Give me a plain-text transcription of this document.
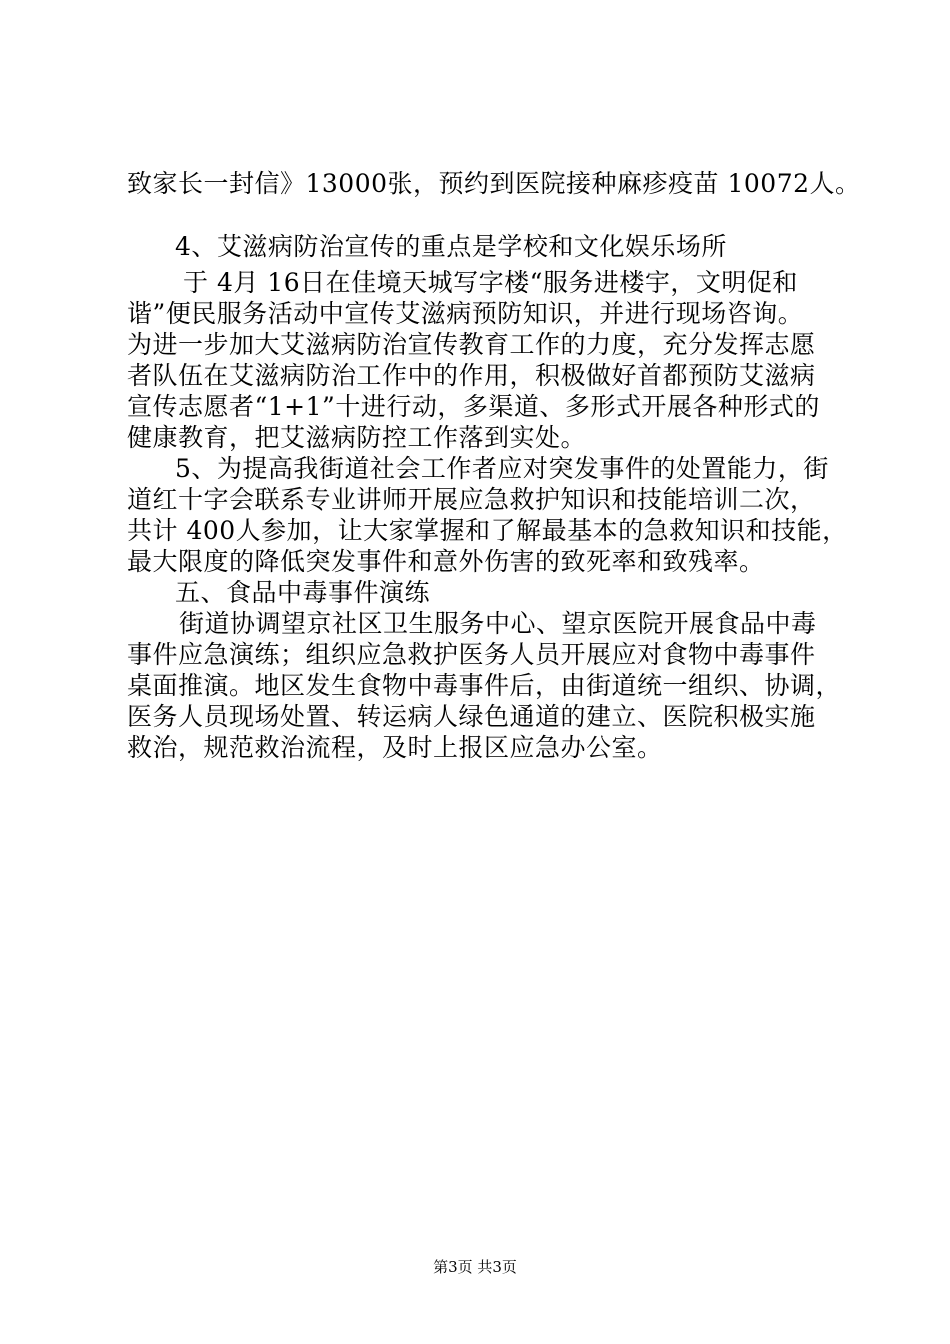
致家长一封信》13000张，预约到医院接种麻疹疫苗 10072人。
4、艾滋病防治宣传的重点是学校和文化娱乐场所
于 4月 16日在佳境天城写字楼“服务进楼宇，文明促和
谐”便民服务活动中宣传艾滋病预防知识，并进行现场咨询。
为进一步加大艾滋病防治宣传教育工作的力度，充分发挥志愿
者队伍在艾滋病防治工作中的作用，积极做好首都预防艾滋病
宣传志愿者“1+1”十进行动，多渠道、多形式开展各种形式的
健康教育，把艾滋病防控工作落到实处。
5、为提高我街道社会工作者应对突发事件的处置能力，街
道红十字会联系专业讲师开展应急救护知识和技能培训二次，
共计 400人参加，让大家掌握和了解最基本的急救知识和技能，
最大限度的降低突发事件和意外伤害的致死率和致残率。
五、食品中毒事件演练
街道协调望京社区卫生服务中心、望京医院开展食品中毒
事件应急演练；组织应急救护医务人员开展应对食物中毒事件
桌面推演。地区发生食物中毒事件后，由街道统一组织、协调，
医务人员现场处置、转运病人绿色通道的建立、医院积极实施
救治，规范救治流程，及时上报区应急办公室。
第3页 共3页
